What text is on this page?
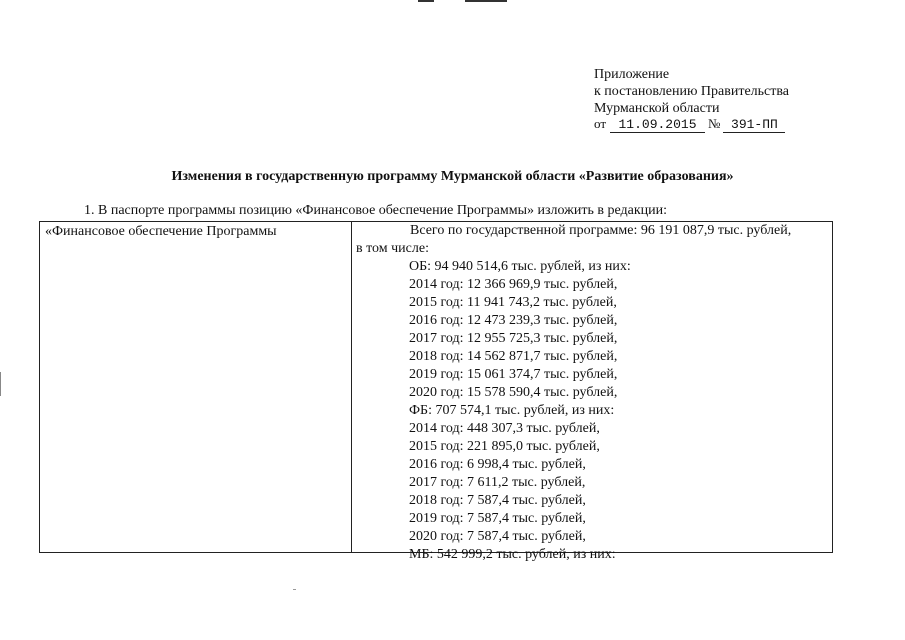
Приложение
к постановлению Правительства
Мурманской области
от 11.09.2015 № 391-ПП
Изменения в государственную программу Мурманской области «Развитие образования»
1. В паспорте программы позицию «Финансовое обеспечение Программы» изложить в редакции:
«Финансовое обеспечение Программы	Всего по государственной программе: 96 191 087,9 тыс. рублей,
в том числе:
ОБ: 94 940 514,6 тыс. рублей, из них:
2014 год: 12 366 969,9 тыс. рублей,
2015 год: 11 941 743,2 тыс. рублей,
2016 год: 12 473 239,3 тыс. рублей,
2017 год: 12 955 725,3 тыс. рублей,
2018 год: 14 562 871,7 тыс. рублей,
2019 год: 15 061 374,7 тыс. рублей,
2020 год: 15 578 590,4 тыс. рублей,
ФБ: 707 574,1 тыс. рублей, из них:
2014 год: 448 307,3 тыс. рублей,
2015 год: 221 895,0 тыс. рублей,
2016 год: 6 998,4 тыс. рублей,
2017 год: 7 611,2 тыс. рублей,
2018 год: 7 587,4 тыс. рублей,
2019 год: 7 587,4 тыс. рублей,
2020 год: 7 587,4 тыс. рублей,
МБ: 542 999,2 тыс. рублей, из них:
